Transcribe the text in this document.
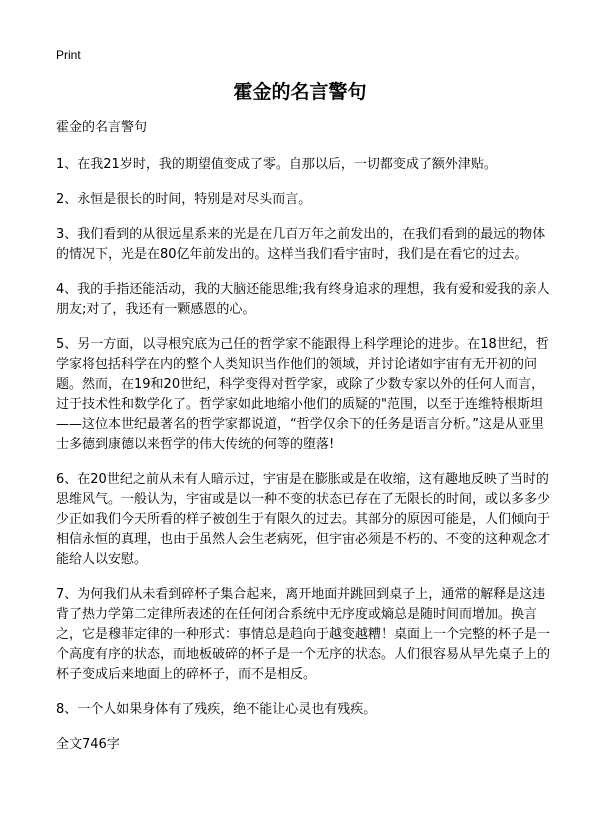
Print
霍金的名言警句

霍金的名言警句

1、在我21岁时，我的期望值变成了零。自那以后，一切都变成了额外津贴。

2、永恒是很长的时间，特别是对尽头而言。

3、我们看到的从很远星系来的光是在几百万年之前发出的，在我们看到的最远的物体的情况下，光是在80亿年前发出的。这样当我们看宇宙时，我们是在看它的过去。

4、我的手指还能活动，我的大脑还能思维;我有终身追求的理想，我有爱和爱我的亲人朋友;对了，我还有一颗感恩的心。

5、另一方面，以寻根究底为己任的哲学家不能跟得上科学理论的进步。在18世纪，哲学家将包括科学在内的整个人类知识当作他们的领域，并讨论诸如宇宙有无开初的问题。然而，在19和20世纪，科学变得对哲学家，或除了少数专家以外的任何人而言，过于技术性和数学化了。哲学家如此地缩小他们的质疑的"范围，以至于连维特根斯坦——这位本世纪最著名的哲学家都说道，“哲学仅余下的任务是语言分析。”这是从亚里士多德到康德以来哲学的伟大传统的何等的堕落!

6、在20世纪之前从未有人暗示过，宇宙是在膨胀或是在收缩，这有趣地反映了当时的思维风气。一般认为，宇宙或是以一种不变的状态已存在了无限长的时间，或以多多少少正如我们今天所看的样子被创生于有限久的过去。其部分的原因可能是，人们倾向于相信永恒的真理，也由于虽然人会生老病死，但宇宙必须是不朽的、不变的这种观念才能给人以安慰。

7、为何我们从未看到碎杯子集合起来，离开地面并跳回到桌子上，通常的解释是这违背了热力学第二定律所表述的在任何闭合系统中无序度或熵总是随时间而增加。换言之，它是穆菲定律的一种形式：事情总是趋向于越变越糟！桌面上一个完整的杯子是一个高度有序的状态，而地板破碎的杯子是一个无序的状态。人们很容易从早先桌子上的杯子变成后来地面上的碎杯子，而不是相反。

8、一个人如果身体有了残疾，绝不能让心灵也有残疾。

全文746字
